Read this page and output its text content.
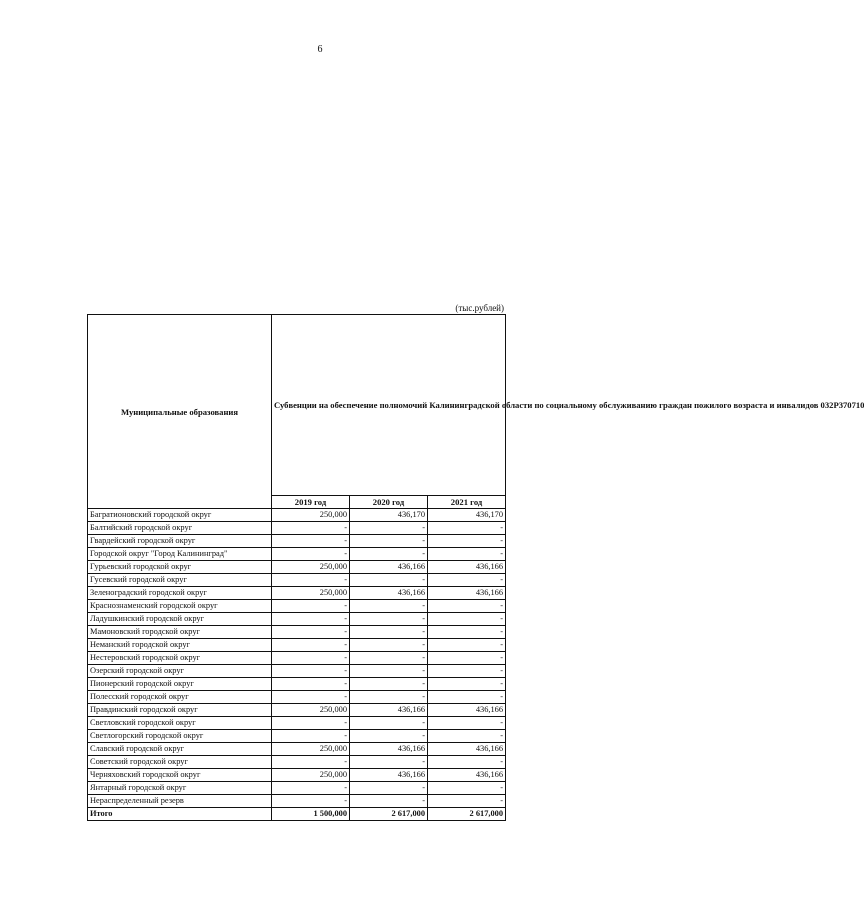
6
(тыс.рублей)
Муниципальные образования	Субвенции на обеспечение полномочий Калининградской области по социальному обслуживанию граждан пожилого возраста и инвалидов 032P370710		
	2019 год	2020 год	2021 год
Багратионовский городской округ	250,000	436,170	436,170
Балтийский городской округ	-	-	-
Гвардейский городской округ	-	-	-
Городской округ "Город Калининград"	-	-	-
Гурьевский городской округ	250,000	436,166	436,166
Гусевский городской округ	-	-	-
Зеленоградский городской округ	250,000	436,166	436,166
Краснознаменский городской округ	-	-	-
Ладушкинский городской округ	-	-	-
Мамоновский городской округ	-	-	-
Неманский городской округ	-	-	-
Нестеровский городской округ	-	-	-
Озерский городской округ	-	-	-
Пионерский городской округ	-	-	-
Полесский городской округ	-	-	-
Правдинский городской округ	250,000	436,166	436,166
Светловский городской округ	-	-	-
Светлогорский городской округ	-	-	-
Славский городской округ	250,000	436,166	436,166
Советский городской округ	-	-	-
Черняховский городской округ	250,000	436,166	436,166
Янтарный городской округ	-	-	-
Нераспределенный резерв	-	-	-
Итого	1 500,000	2 617,000	2 617,000
